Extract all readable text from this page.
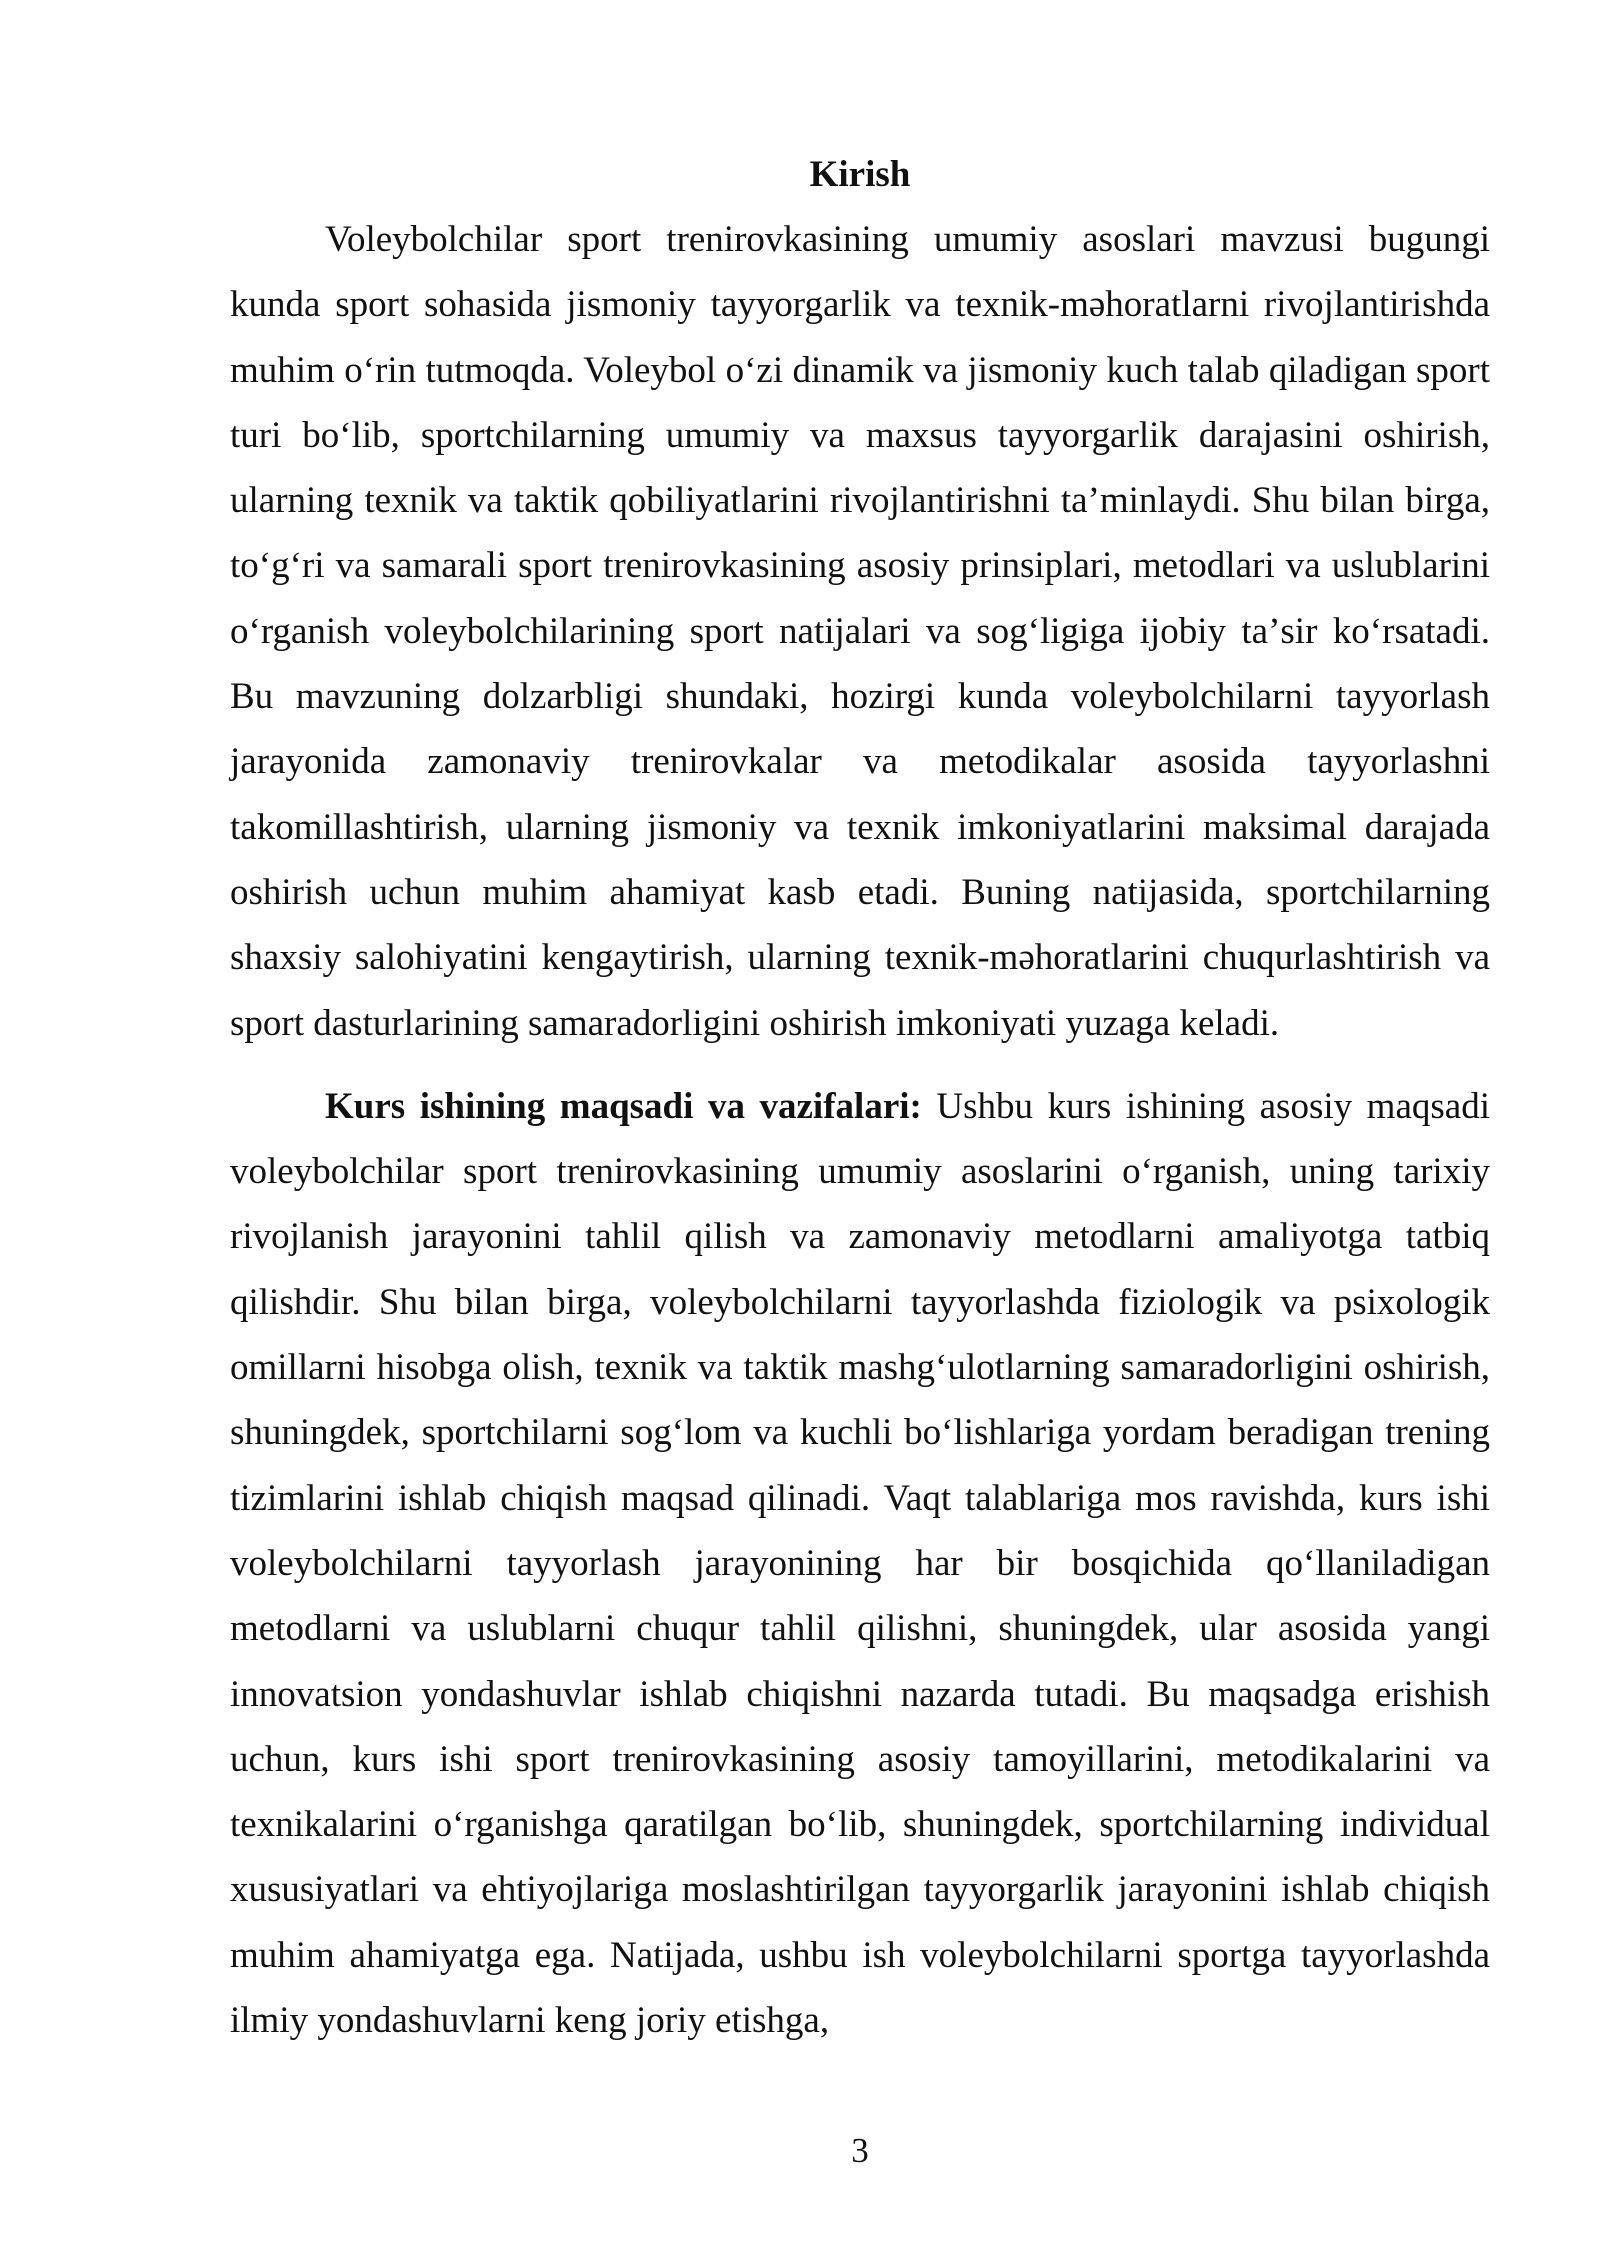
Kirish

Voleybolchilar sport trenirovkasining umumiy asoslari mavzusi bugungi kunda sport sohasida jismoniy tayyorgarlik va texnik-məhoratlarni rivojlantirishda muhim oʻrin tutmoqda. Voleybol oʻzi dinamik va jismoniy kuch talab qiladigan sport turi boʻlib, sportchilarning umumiy va maxsus tayyorgarlik darajasini oshirish, ularning texnik va taktik qobiliyatlarini rivojlantirishni taʼminlaydi. Shu bilan birga, toʻgʻri va samarali sport trenirovkasining asosiy prinsiplari, metodlari va uslublarini oʻrganish voleybolchilarining sport natijalari va sogʻligiga ijobiy taʼsir koʻrsatadi. Bu mavzuning dolzarbligi shundaki, hozirgi kunda voleybolchilarni tayyorlash jarayonida zamonaviy trenirovkalar va metodikalar asosida tayyorlashni takomillashtirish, ularning jismoniy va texnik imkoniyatlarini maksimal darajada oshirish uchun muhim ahamiyat kasb etadi. Buning natijasida, sportchilarning shaxsiy salohiyatini kengaytirish, ularning texnik-məhoratlarini chuqurlashtirish va sport dasturlarining samaradorligini oshirish imkoniyati yuzaga keladi.

Kurs ishining maqsadi va vazifalari: Ushbu kurs ishining asosiy maqsadi voleybolchilar sport trenirovkasining umumiy asoslarini oʻrganish, uning tarixiy rivojlanish jarayonini tahlil qilish va zamonaviy metodlarni amaliyotga tatbiq qilishdir. Shu bilan birga, voleybolchilarni tayyorlashda fiziologik va psixologik omillarni hisobga olish, texnik va taktik mashgʻulotlarning samaradorligini oshirish, shuningdek, sportchilarni sogʻlom va kuchli boʻlishlariga yordam beradigan trening tizimlarini ishlab chiqish maqsad qilinadi. Vaqt talablariga mos ravishda, kurs ishi voleybolchilarni tayyorlash jarayonining har bir bosqichida qoʻllaniladigan metodlarni va uslublarni chuqur tahlil qilishni, shuningdek, ular asosida yangi innovatsion yondashuvlar ishlab chiqishni nazarda tutadi. Bu maqsadga erishish uchun, kurs ishi sport trenirovkasining asosiy tamoyillarini, metodikalarini va texnikalarini oʻrganishga qaratilgan boʻlib, shuningdek, sportchilarning individual xususiyatlari va ehtiyojlariga moslashtirilgan tayyorgarlik jarayonini ishlab chiqish muhim ahamiyatga ega. Natijada, ushbu ish voleybolchilarni sportga tayyorlashda ilmiy yondashuvlarni keng joriy etishga,

3
